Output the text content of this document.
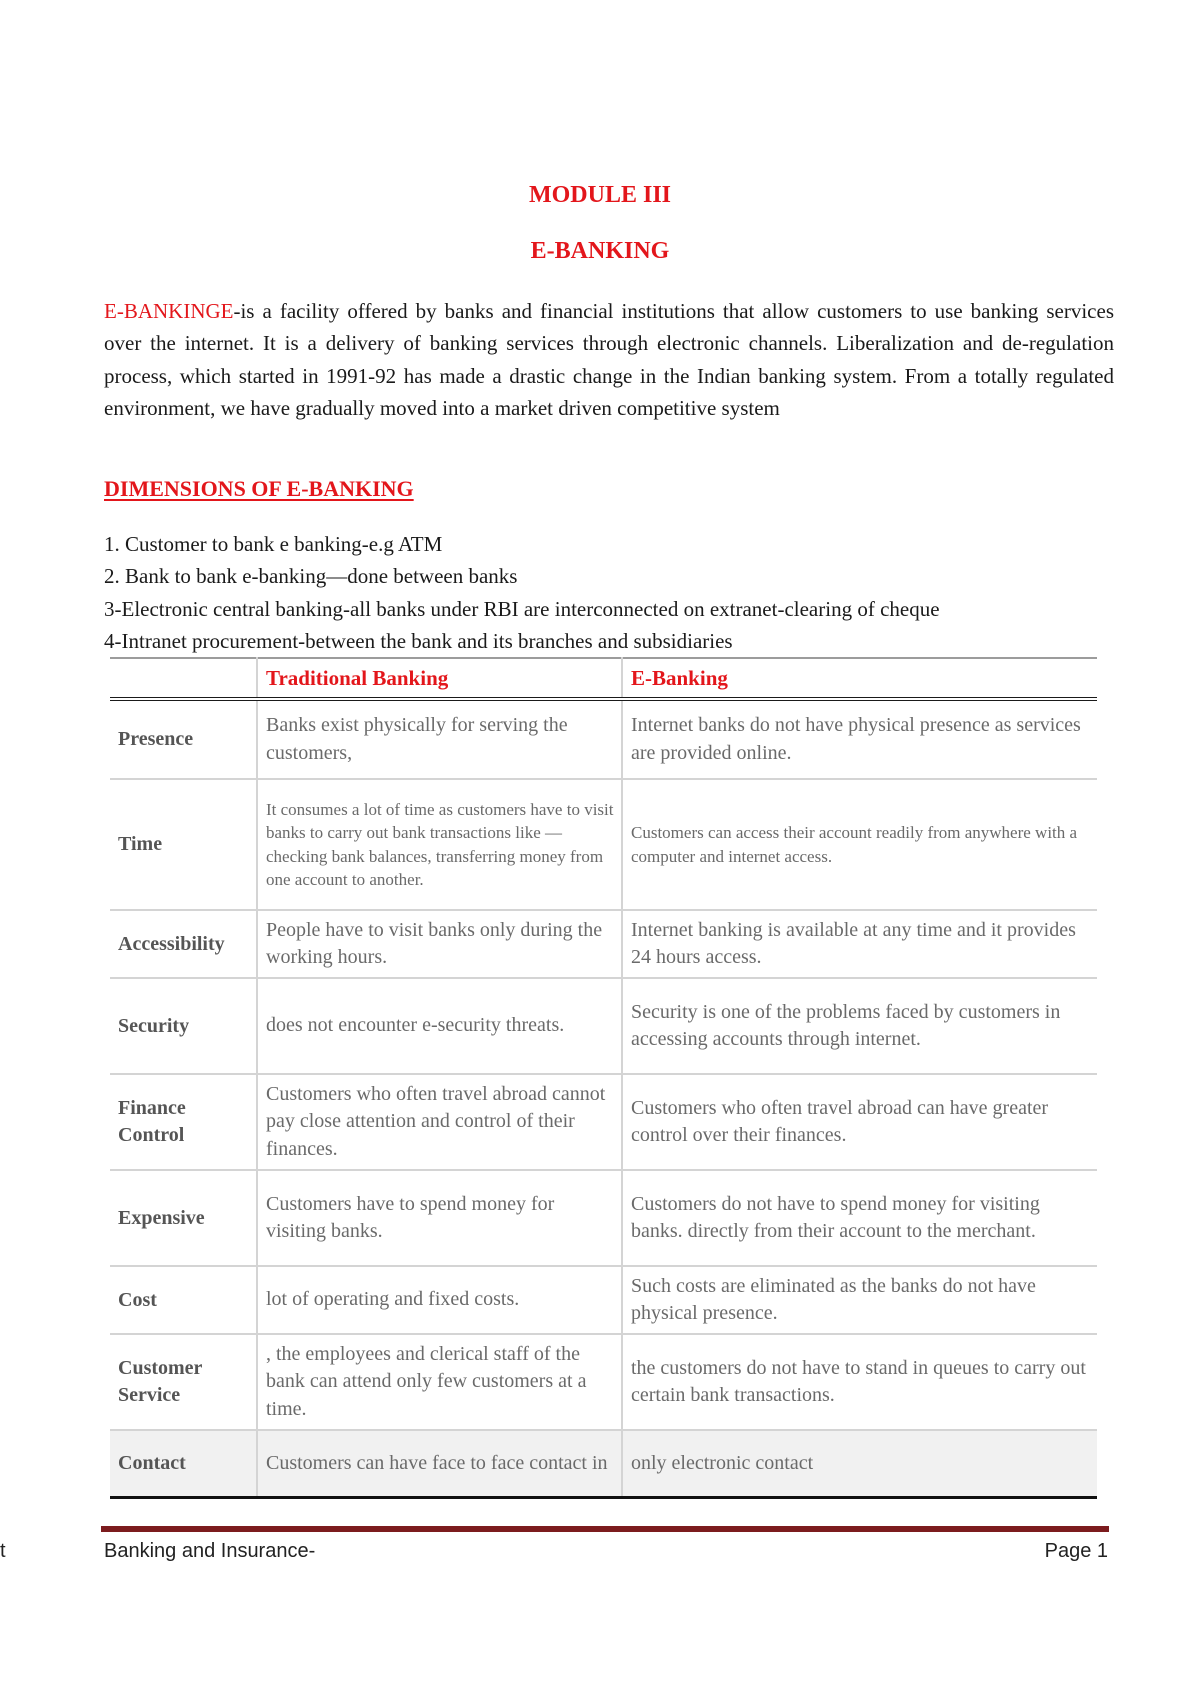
MODULE III
E-BANKING
E-BANKINGE-is a facility offered by banks and financial institutions that allow customers to use banking services over the internet. It is a delivery of banking services through electronic channels. Liberalization and de-regulation process, which started in 1991-92 has made a drastic change in the Indian banking system. From a totally regulated environment, we have gradually moved into a market driven competitive system
DIMENSIONS OF E-BANKING
1. Customer to bank e banking-e.g ATM
2. Bank to bank e-banking—done between banks
3-Electronic central banking-all banks under RBI are interconnected on extranet-clearing of cheque
4-Intranet procurement-between the bank and its branches and subsidiaries
	Traditional Banking	E-Banking
Presence	Banks exist physically for serving the customers,	Internet banks do not have physical presence as services are provided online.
Time	It consumes a lot of time as customers have to visit banks to carry out bank transactions like — checking bank balances, transferring money from one account to another.	Customers can access their account readily from anywhere with a computer and internet access.
Accessibility	People have to visit banks only during the working hours.	Internet banking is available at any time and it provides 24 hours access.
Security	does not encounter e-security threats.	Security is one of the problems faced by customers in accessing accounts through internet.
Finance Control	Customers who often travel abroad cannot pay close attention and control of their finances.	Customers who often travel abroad can have greater control over their finances.
Expensive	Customers have to spend money for visiting banks.	Customers do not have to spend money for visiting banks. directly from their account to the merchant.
Cost	lot of operating and fixed costs.	Such costs are eliminated as the banks do not have physical presence.
Customer Service	, the employees and clerical staff of the bank can attend only few customers at a time.	the customers do not have to stand in queues to carry out certain bank transactions.
Contact	Customers can have face to face contact in	only electronic contact
t	Banking and Insurance-	Page 1
